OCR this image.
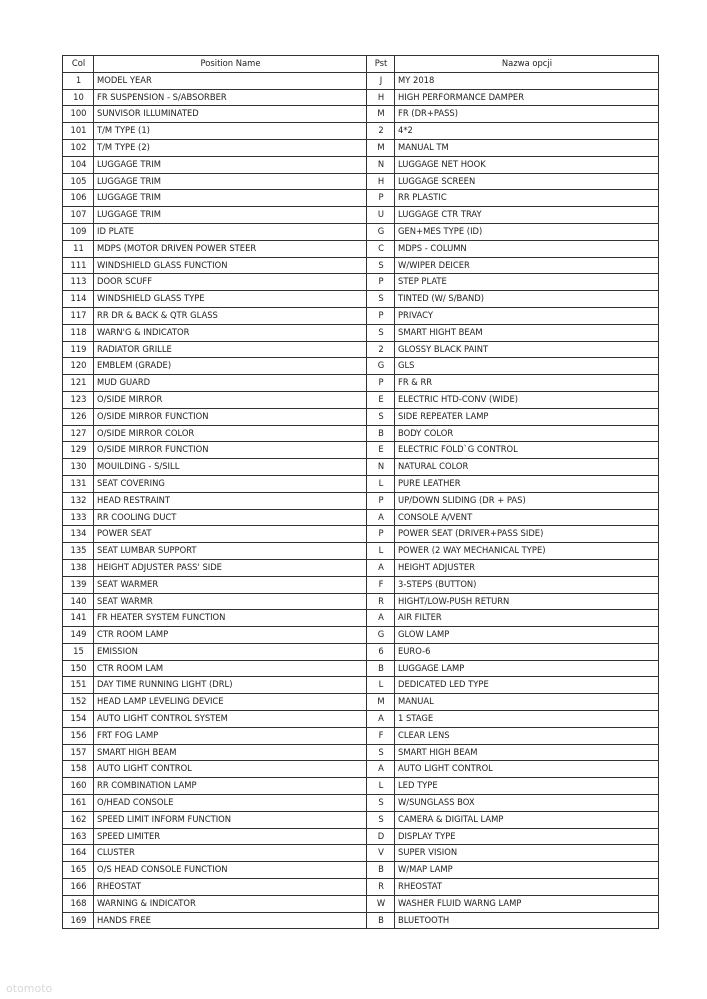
Col	Position Name	Pst	Nazwa opcji
1	MODEL YEAR	J	MY 2018
10	FR SUSPENSION - S/ABSORBER	H	HIGH PERFORMANCE DAMPER
100	SUNVISOR ILLUMINATED	M	FR (DR+PASS)
101	T/M TYPE (1)	2	4*2
102	T/M TYPE (2)	M	MANUAL TM
104	LUGGAGE TRIM	N	LUGGAGE NET HOOK
105	LUGGAGE TRIM	H	LUGGAGE SCREEN
106	LUGGAGE TRIM	P	RR PLASTIC
107	LUGGAGE TRIM	U	LUGGAGE CTR TRAY
109	ID PLATE	G	GEN+MES TYPE (ID)
11	MDPS (MOTOR DRIVEN POWER STEER	C	MDPS - COLUMN
111	WINDSHIELD GLASS FUNCTION	S	W/WIPER DEICER
113	DOOR SCUFF	P	STEP PLATE
114	WINDSHIELD GLASS TYPE	S	TINTED (W/ S/BAND)
117	RR DR & BACK & QTR GLASS	P	PRIVACY
118	WARN'G & INDICATOR	S	SMART HIGHT BEAM
119	RADIATOR GRILLE	2	GLOSSY BLACK PAINT
120	EMBLEM (GRADE)	G	GLS
121	MUD GUARD	P	FR & RR
123	O/SIDE MIRROR	E	ELECTRIC HTD-CONV (WIDE)
126	O/SIDE MIRROR FUNCTION	S	SIDE REPEATER LAMP
127	O/SIDE MIRROR COLOR	B	BODY COLOR
129	O/SIDE MIRROR FUNCTION	E	ELECTRIC FOLD`G CONTROL
130	MOUILDING - S/SILL	N	NATURAL COLOR
131	SEAT COVERING	L	PURE LEATHER
132	HEAD RESTRAINT	P	UP/DOWN SLIDING (DR + PAS)
133	RR COOLING DUCT	A	CONSOLE A/VENT
134	POWER SEAT	P	POWER SEAT (DRIVER+PASS SIDE)
135	SEAT LUMBAR SUPPORT	L	POWER (2 WAY MECHANICAL TYPE)
138	HEIGHT ADJUSTER PASS' SIDE	A	HEIGHT ADJUSTER
139	SEAT WARMER	F	3-STEPS (BUTTON)
140	SEAT WARMR	R	HIGHT/LOW-PUSH RETURN
141	FR HEATER SYSTEM FUNCTION	A	AIR FILTER
149	CTR ROOM LAMP	G	GLOW LAMP
15	EMISSION	6	EURO-6
150	CTR ROOM LAM	B	LUGGAGE LAMP
151	DAY TIME RUNNING LIGHT (DRL)	L	DEDICATED LED TYPE
152	HEAD LAMP LEVELING DEVICE	M	MANUAL
154	AUTO LIGHT CONTROL SYSTEM	A	1 STAGE
156	FRT FOG LAMP	F	CLEAR LENS
157	SMART HIGH BEAM	S	SMART HIGH BEAM
158	AUTO LIGHT CONTROL	A	AUTO LIGHT CONTROL
160	RR COMBINATION LAMP	L	LED TYPE
161	O/HEAD CONSOLE	S	W/SUNGLASS BOX
162	SPEED LIMIT INFORM FUNCTION	S	CAMERA & DIGITAL LAMP
163	SPEED LIMITER	D	DISPLAY TYPE
164	CLUSTER	V	SUPER VISION
165	O/S HEAD CONSOLE FUNCTION	B	W/MAP LAMP
166	RHEOSTAT	R	RHEOSTAT
168	WARNING & INDICATOR	W	WASHER FLUID WARNG LAMP
169	HANDS FREE	B	BLUETOOTH
otomoto
